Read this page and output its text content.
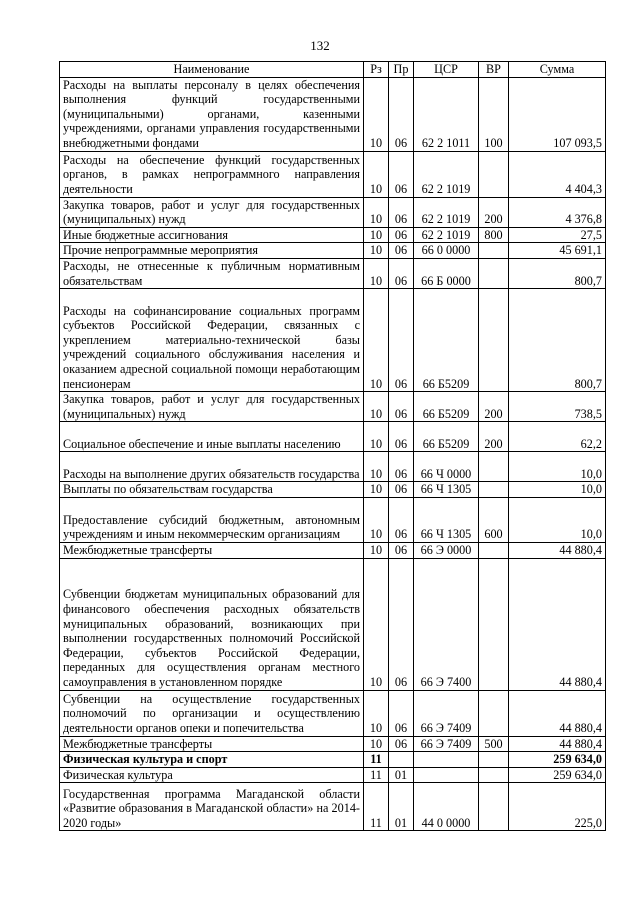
132
Наименование	Рз	Пр	ЦСР	ВР	Сумма
Расходы на выплаты персоналу в целях обеспечения выполнения функций государственными (муниципальными) органами, казенными учреждениями, органами управления государственными внебюджетными фондами	10	06	62 2 1011	100	107 093,5
Расходы на обеспечение функций государственных органов, в рамках непрограммного направления деятельности	10	06	62 2 1019		4 404,3
Закупка товаров, работ и услуг для государственных (муниципальных) нужд	10	06	62 2 1019	200	4 376,8
Иные бюджетные ассигнования	10	06	62 2 1019	800	27,5
Прочие непрограммные мероприятия	10	06	66 0 0000		45 691,1
Расходы, не отнесенные к публичным нормативным обязательствам	10	06	66 Б 0000		800,7
Расходы на софинансирование социальных программ субъектов Российской Федерации, связанных с укреплением материально-технической базы учреждений социального обслуживания населения и оказанием адресной социальной помощи неработающим пенсионерам	10	06	66 Б5209		800,7
Закупка товаров, работ и услуг для государственных (муниципальных) нужд	10	06	66 Б5209	200	738,5
Социальное обеспечение и иные выплаты населению	10	06	66 Б5209	200	62,2
Расходы на выполнение других обязательств государства	10	06	66 Ч 0000		10,0
Выплаты по обязательствам государства	10	06	66 Ч 1305		10,0
Предоставление субсидий бюджетным, автономным учреждениям и иным некоммерческим организациям	10	06	66 Ч 1305	600	10,0
Межбюджетные трансферты	10	06	66 Э 0000		44 880,4
Субвенции бюджетам муниципальных образований для финансового обеспечения расходных обязательств муниципальных образований, возникающих при выполнении государственных полномочий Российской Федерации, субъектов Российской Федерации, переданных для осуществления органам местного самоуправления в установленном порядке	10	06	66 Э 7400		44 880,4
Субвенции на осуществление государственных полномочий по организации и осуществлению деятельности органов опеки и попечительства	10	06	66 Э 7409		44 880,4
Межбюджетные трансферты	10	06	66 Э 7409	500	44 880,4
Физическая культура и спорт	11				259 634,0
Физическая культура	11	01			259 634,0
Государственная программа Магаданской области «Развитие образования в Магаданской области» на 2014-2020 годы»	11	01	44 0 0000		225,0
